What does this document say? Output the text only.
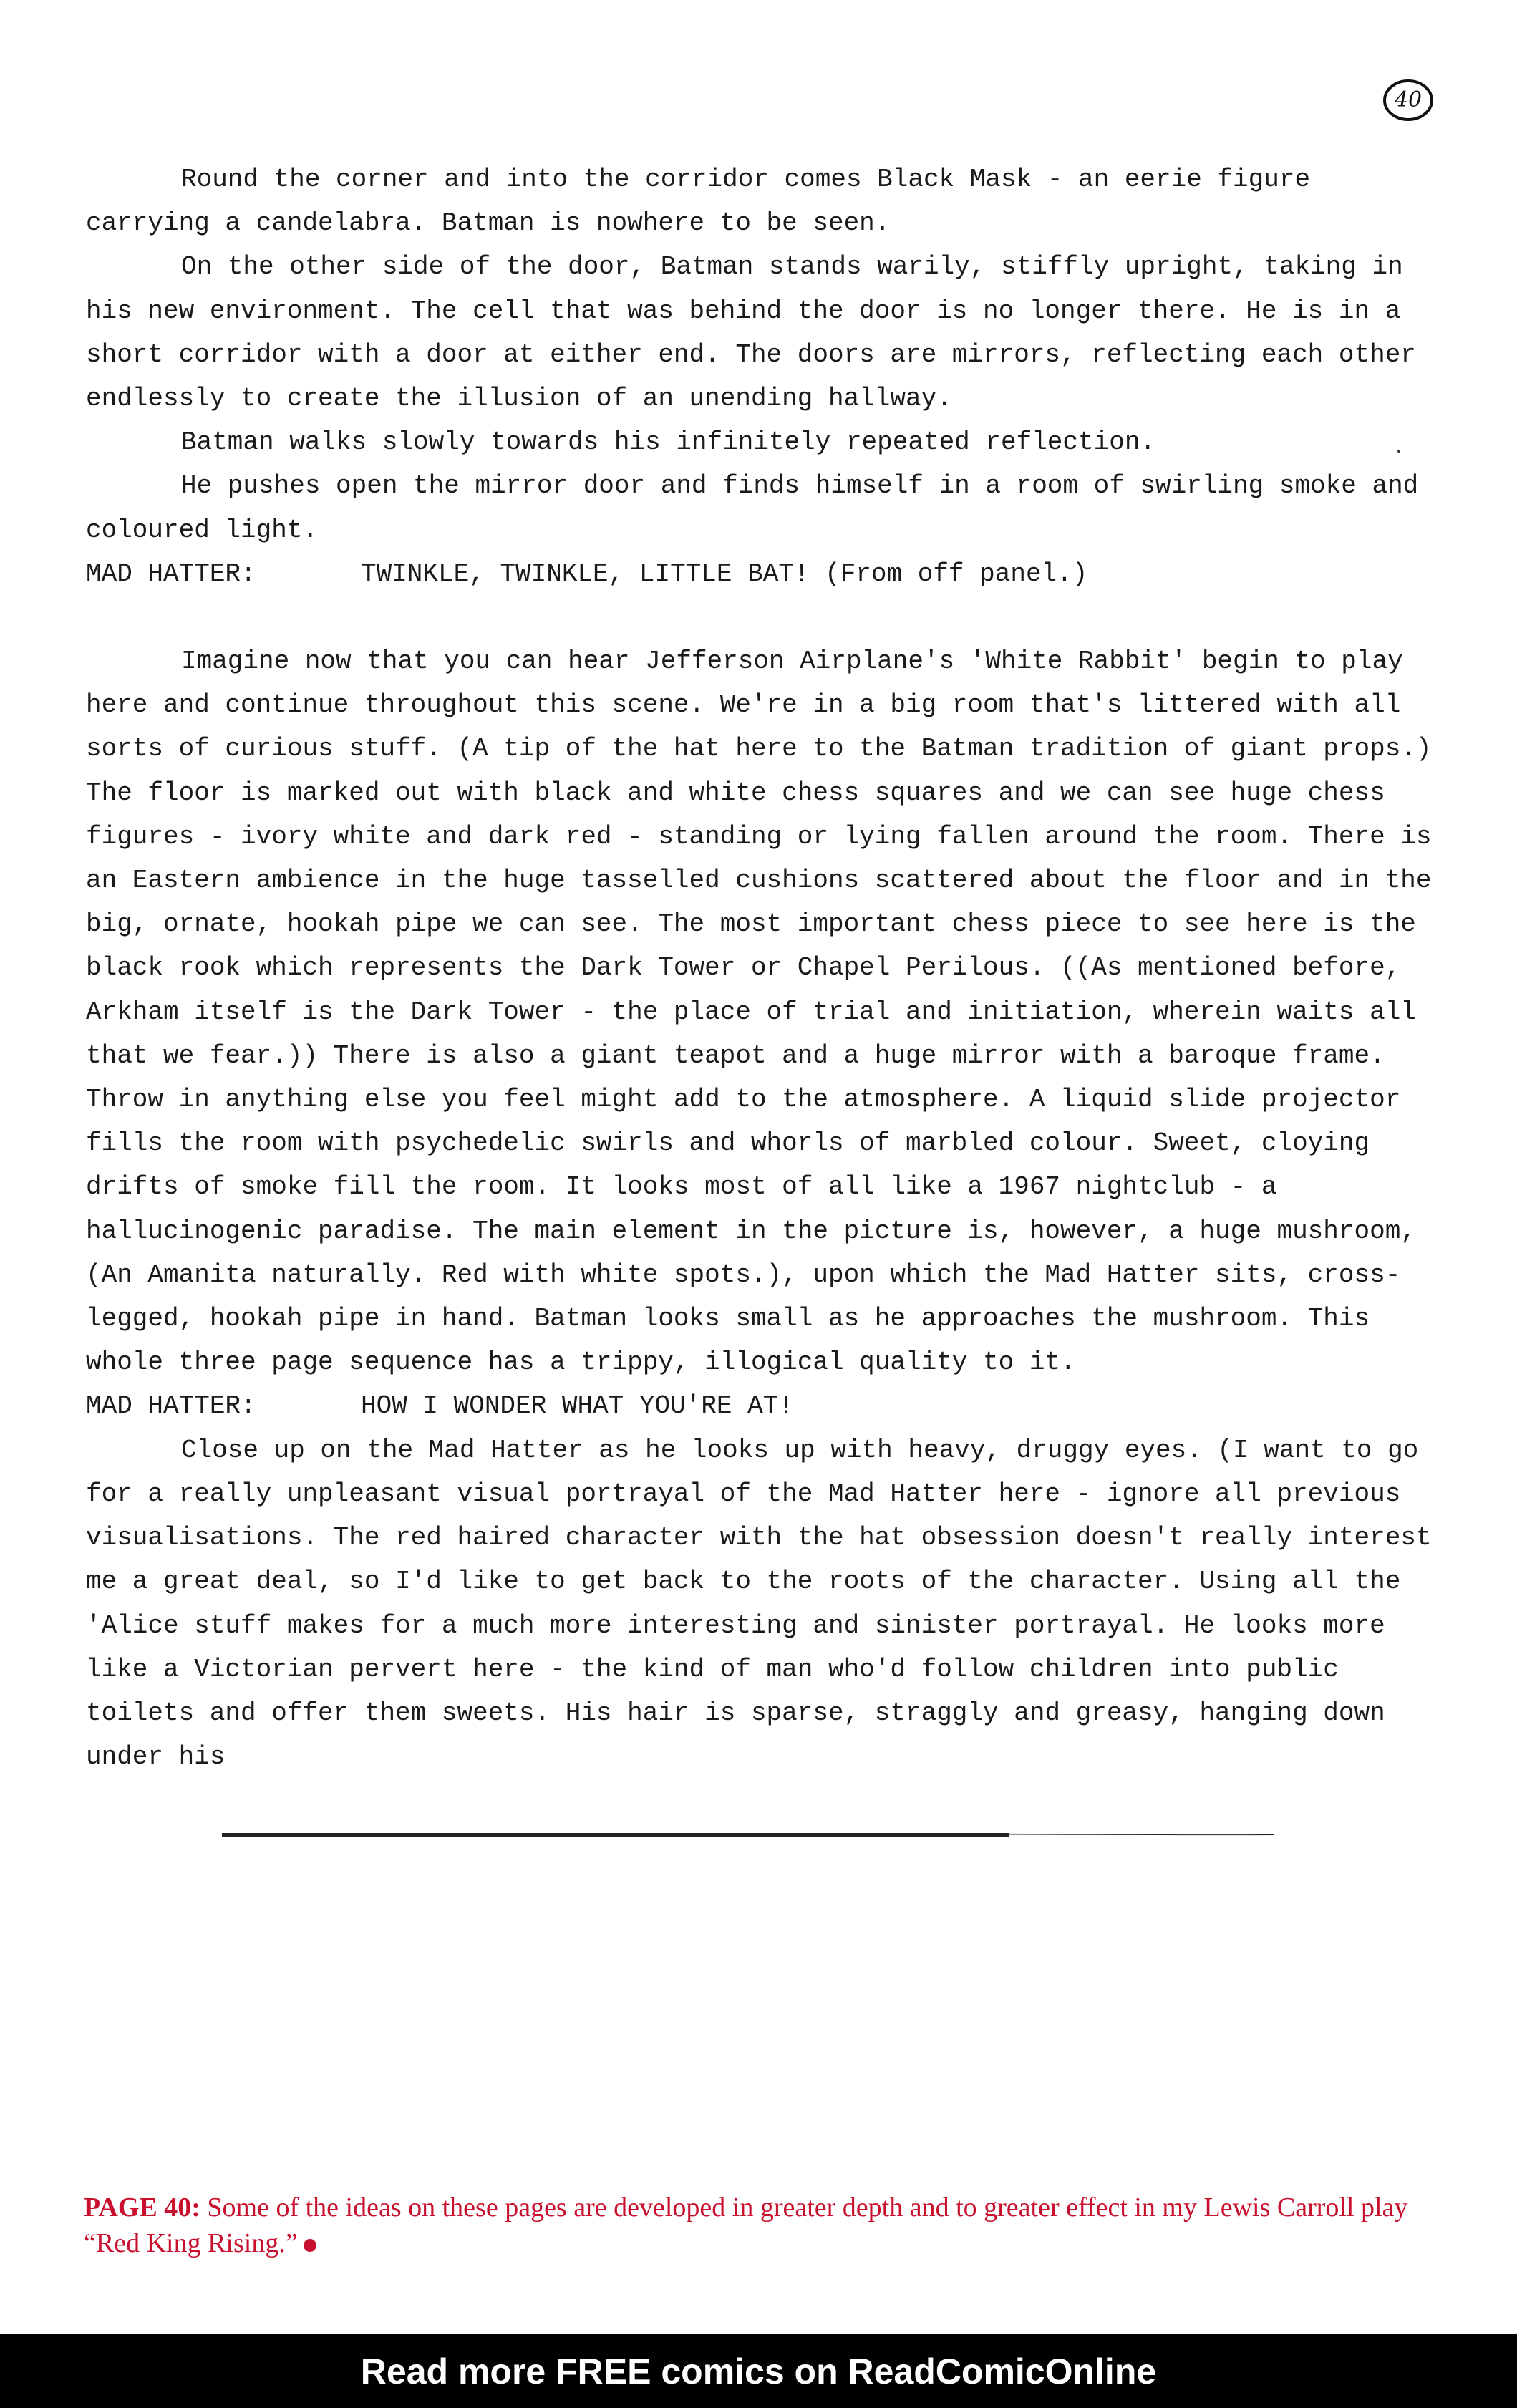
40

Round the corner and into the corridor comes Black Mask - an eerie figure carrying a candelabra. Batman is nowhere to be seen.

On the other side of the door, Batman stands warily, stiffly upright, taking in his new environment. The cell that was behind the door is no longer there. He is in a short corridor with a door at either end. The doors are mirrors, reflecting each other endlessly to create the illusion of an unending hallway.

Batman walks slowly towards his infinitely repeated reflection.

He pushes open the mirror door and finds himself in a room of swirling smoke and coloured light.

MAD HATTER:	TWINKLE, TWINKLE, LITTLE BAT! (From off panel.)

Imagine now that you can hear Jefferson Airplane's 'White Rabbit' begin to play here and continue throughout this scene. We're in a big room that's littered with all sorts of curious stuff. (A tip of the hat here to the Batman tradition of giant props.) The floor is marked out with black and white chess squares and we can see huge chess figures - ivory white and dark red - standing or lying fallen around the room. There is an Eastern ambience in the huge tasselled cushions scattered about the floor and in the big, ornate, hookah pipe we can see. The most important chess piece to see here is the black rook which represents the Dark Tower or Chapel Perilous. ((As mentioned before, Arkham itself is the Dark Tower - the place of trial and initiation, wherein waits all that we fear.)) There is also a giant teapot and a huge mirror with a baroque frame. Throw in anything else you feel might add to the atmosphere. A liquid slide projector fills the room with psychedelic swirls and whorls of marbled colour. Sweet, cloying drifts of smoke fill the room. It looks most of all like a 1967 nightclub - a hallucinogenic paradise. The main element in the picture is, however, a huge mushroom, (An Amanita naturally. Red with white spots.), upon which the Mad Hatter sits, cross-legged, hookah pipe in hand. Batman looks small as he approaches the mushroom. This whole three page sequence has a trippy, illogical quality to it.

MAD HATTER:	HOW I WONDER WHAT YOU'RE AT!

Close up on the Mad Hatter as he looks up with heavy, druggy eyes. (I want to go for a really unpleasant visual portrayal of the Mad Hatter here - ignore all previous visualisations. The red haired character with the hat obsession doesn't really interest me a great deal, so I'd like to get back to the roots of the character. Using all the 'Alice stuff makes for a much more interesting and sinister portrayal. He looks more like a Victorian pervert here - the kind of man who'd follow children into public toilets and offer them sweets. His hair is sparse, straggly and greasy, hanging down under his

PAGE 40: Some of the ideas on these pages are developed in greater depth and to greater effect in my Lewis Carroll play “Red King Rising.”
Read more FREE comics on ReadComicOnline
